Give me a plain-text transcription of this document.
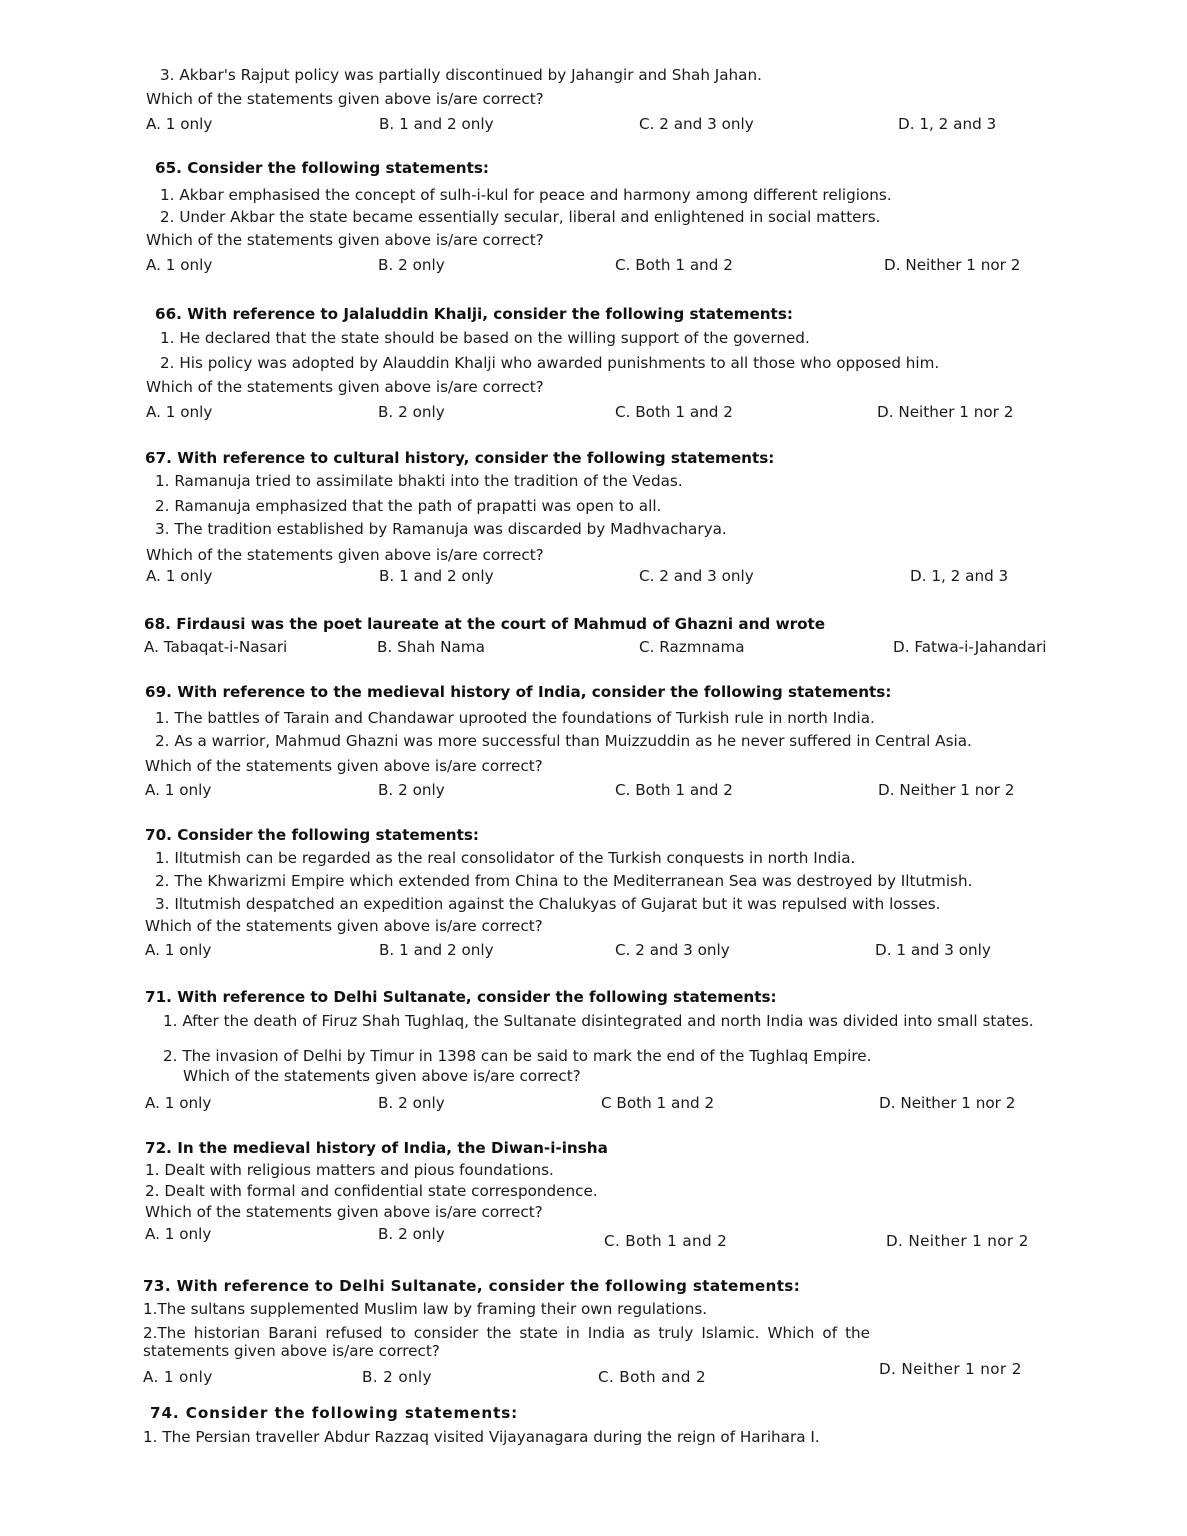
3. Akbar's Rajput policy was partially discontinued by Jahangir and Shah Jahan.
Which of the statements given above is/are correct?
A. 1 only	B. 1 and 2 only	C. 2 and 3 only	D. 1, 2 and 3
65. Consider the following statements:
1. Akbar emphasised the concept of sulh-i-kul for peace and harmony among different religions.
2. Under Akbar the state became essentially secular, liberal and enlightened in social matters.
Which of the statements given above is/are correct?
A. 1 only	B. 2 only	C. Both 1 and 2	D. Neither 1 nor 2
66. With reference to Jalaluddin Khalji, consider the following statements:
1. He declared that the state should be based on the willing support of the governed.
2. His policy was adopted by Alauddin Khalji who awarded punishments to all those who opposed him.
Which of the statements given above is/are correct?
A. 1 only	B. 2 only	C. Both 1 and 2	D. Neither 1 nor 2
67. With reference to cultural history, consider the following statements:
1. Ramanuja tried to assimilate bhakti into the tradition of the Vedas.
2. Ramanuja emphasized that the path of prapatti was open to all.
3. The tradition established by Ramanuja was discarded by Madhvacharya.
Which of the statements given above is/are correct?
A. 1 only	B. 1 and 2 only	C. 2 and 3 only	D. 1, 2 and 3
68. Firdausi was the poet laureate at the court of Mahmud of Ghazni and wrote
A. Tabaqat-i-Nasari	B. Shah Nama	C. Razmnama	D. Fatwa-i-Jahandari
69. With reference to the medieval history of India, consider the following statements:
1. The battles of Tarain and Chandawar uprooted the foundations of Turkish rule in north India.
2. As a warrior, Mahmud Ghazni was more successful than Muizzuddin as he never suffered in Central Asia.
Which of the statements given above is/are correct?
A. 1 only	B. 2 only	C. Both 1 and 2	D. Neither 1 nor 2
70. Consider the following statements:
1. Iltutmish can be regarded as the real consolidator of the Turkish conquests in north India.
2. The Khwarizmi Empire which extended from China to the Mediterranean Sea was destroyed by Iltutmish.
3. Iltutmish despatched an expedition against the Chalukyas of Gujarat but it was repulsed with losses.
Which of the statements given above is/are correct?
A. 1 only	B. 1 and 2 only	C. 2 and 3 only	D. 1 and 3 only
71. With reference to Delhi Sultanate, consider the following statements:
1. After the death of Firuz Shah Tughlaq, the Sultanate disintegrated and north India was divided into small states.
2. The invasion of Delhi by Timur in 1398 can be said to mark the end of the Tughlaq Empire.
Which of the statements given above is/are correct?
A. 1 only	B. 2 only	C Both 1 and 2	D. Neither 1 nor 2
72. In the medieval history of India, the Diwan-i-insha
1. Dealt with religious matters and pious foundations.
2. Dealt with formal and confidential state correspondence.
Which of the statements given above is/are correct?
A. 1 only	B. 2 only	C. Both 1 and 2	D. Neither 1 nor 2
73. With reference to Delhi Sultanate, consider the following statements:
1.The sultans supplemented Muslim law by framing their own regulations.
2.The historian Barani refused to consider the state in India as truly Islamic. Which of the statements given above is/are correct?
A. 1 only	B. 2 only	C. Both and 2	D. Neither 1 nor 2
74. Consider the following statements:
1. The Persian traveller Abdur Razzaq visited Vijayanagara during the reign of Harihara I.
